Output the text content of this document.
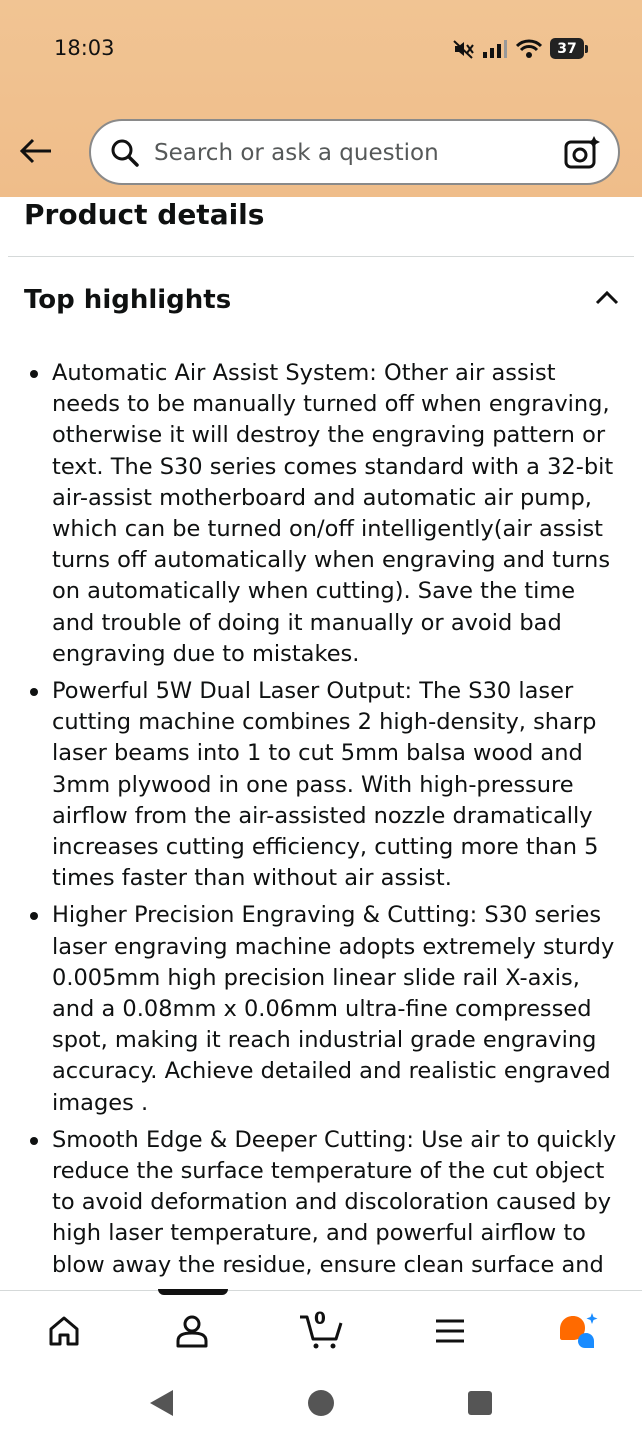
18:03	37
Search or ask a question
Product details
Top highlights
Automatic Air Assist System: Other air assist needs to be manually turned off when engraving, otherwise it will destroy the engraving pattern or text. The S30 series comes standard with a 32-bit air-assist motherboard and automatic air pump, which can be turned on/off intelligently(air assist turns off automatically when engraving and turns on automatically when cutting). Save the time and trouble of doing it manually or avoid bad engraving due to mistakes.
Powerful 5W Dual Laser Output: The S30 laser cutting machine combines 2 high-density, sharp laser beams into 1 to cut 5mm balsa wood and 3mm plywood in one pass. With high-pressure airflow from the air-assisted nozzle dramatically increases cutting efficiency, cutting more than 5 times faster than without air assist.
Higher Precision Engraving & Cutting: S30 series laser engraving machine adopts extremely sturdy 0.005mm high precision linear slide rail X-axis, and a 0.08mm x 0.06mm ultra-fine compressed spot, making it reach industrial grade engraving accuracy. Achieve detailed and realistic engraved images .
Smooth Edge & Deeper Cutting: Use air to quickly reduce the surface temperature of the cut object to avoid deformation and discoloration caused by high laser temperature, and powerful airflow to blow away the residue, ensure clean surface and
0
